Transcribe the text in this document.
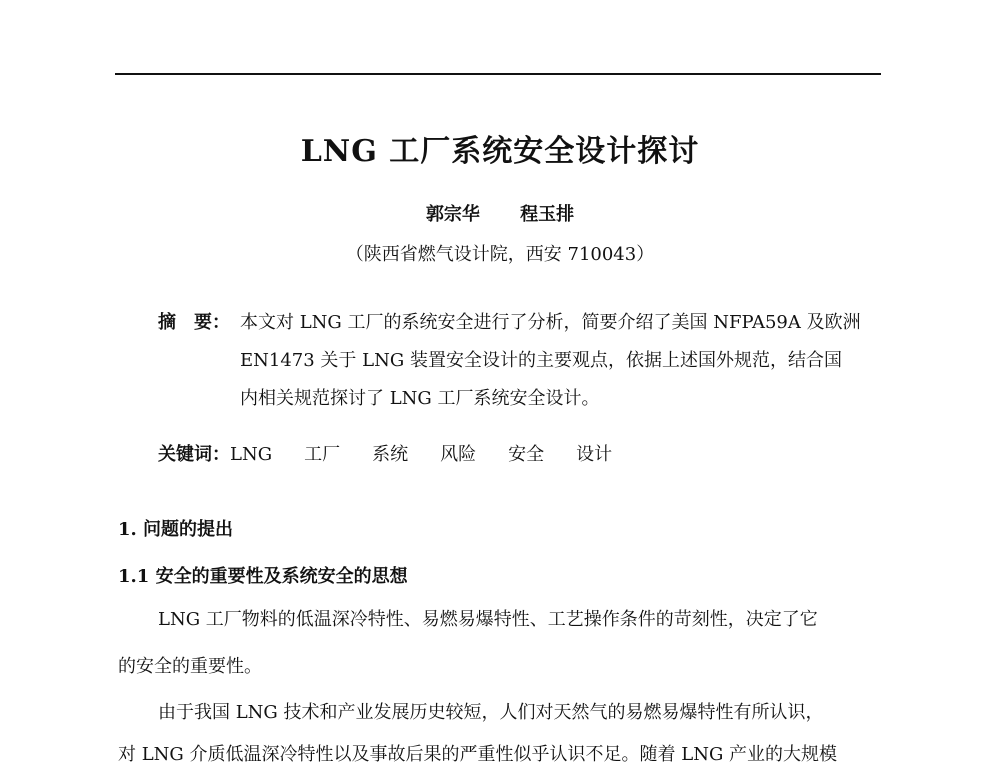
LNG 工厂系统安全设计探讨
郭宗华 程玉排
（陕西省燃气设计院，西安 710043）
摘　要： 本文对 LNG 工厂的系统安全进行了分析，简要介绍了美国 NFPA59A 及欧洲
EN1473 关于 LNG 装置安全设计的主要观点，依据上述国外规范，结合国
内相关规范探讨了 LNG 工厂系统安全设计。
关键词：LNG 工厂 系统 风险 安全 设计
1. 问题的提出
1.1 安全的重要性及系统安全的思想
LNG 工厂物料的低温深冷特性、易燃易爆特性、工艺操作条件的苛刻性，决定了它
的安全的重要性。
由于我国 LNG 技术和产业发展历史较短，人们对天然气的易燃易爆特性有所认识，
对 LNG 介质低温深冷特性以及事故后果的严重性似乎认识不足。随着 LNG 产业的大规模
